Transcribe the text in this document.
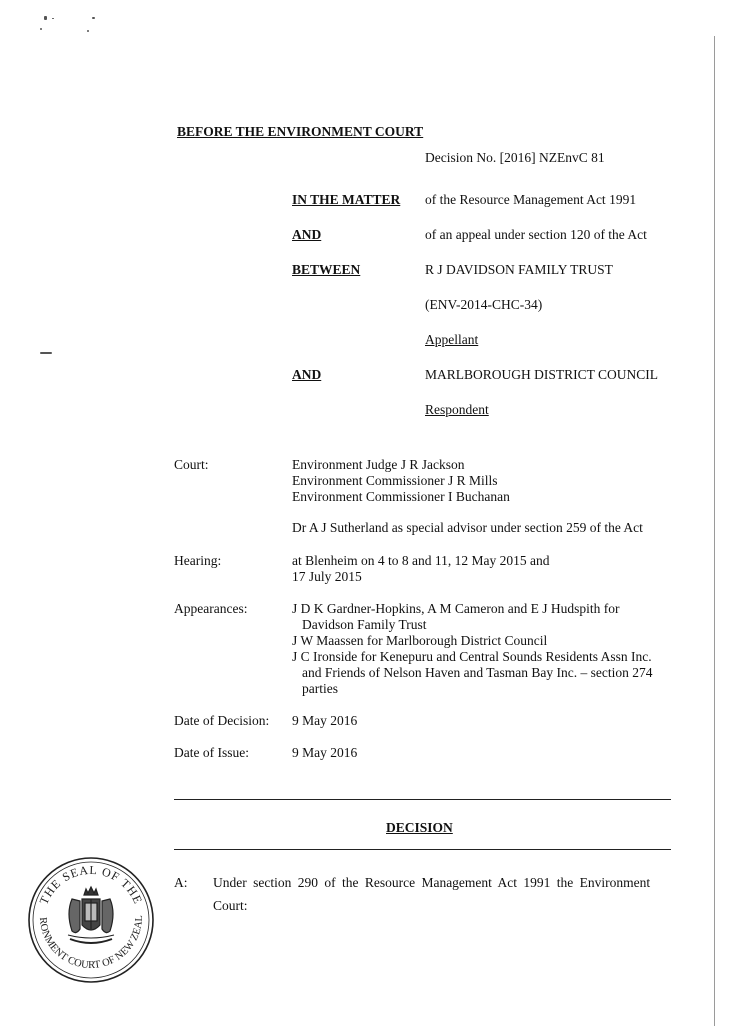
BEFORE THE ENVIRONMENT COURT
Decision No. [2016] NZEnvC 81
IN THE MATTER of the Resource Management Act 1991
AND	of an appeal under section 120 of the Act
BETWEEN	R J DAVIDSON FAMILY TRUST
(ENV-2014-CHC-34)
Appellant
AND	MARLBOROUGH DISTRICT COUNCIL
Respondent
Court:	Environment Judge J R Jackson
Environment Commissioner J R Mills
Environment Commissioner I Buchanan
Dr A J Sutherland as special advisor under section 259 of the Act
Hearing:	at Blenheim on 4 to 8 and 11, 12 May 2015 and
17 July 2015
Appearances:	J D K Gardner-Hopkins, A M Cameron and E J Hudspith for
Davidson Family Trust
J W Maassen for Marlborough District Council
J C Ironside for Kenepuru and Central Sounds Residents Assn Inc.
and Friends of Nelson Haven and Tasman Bay Inc. – section 274
parties
Date of Decision: 9 May 2016
Date of Issue:	9 May 2016
DECISION
A: Under section 290 of the Resource Management Act 1991 the Environment
Court:
THE SEAL OF THE
RONMENT COURT OF NEW ZEAL
